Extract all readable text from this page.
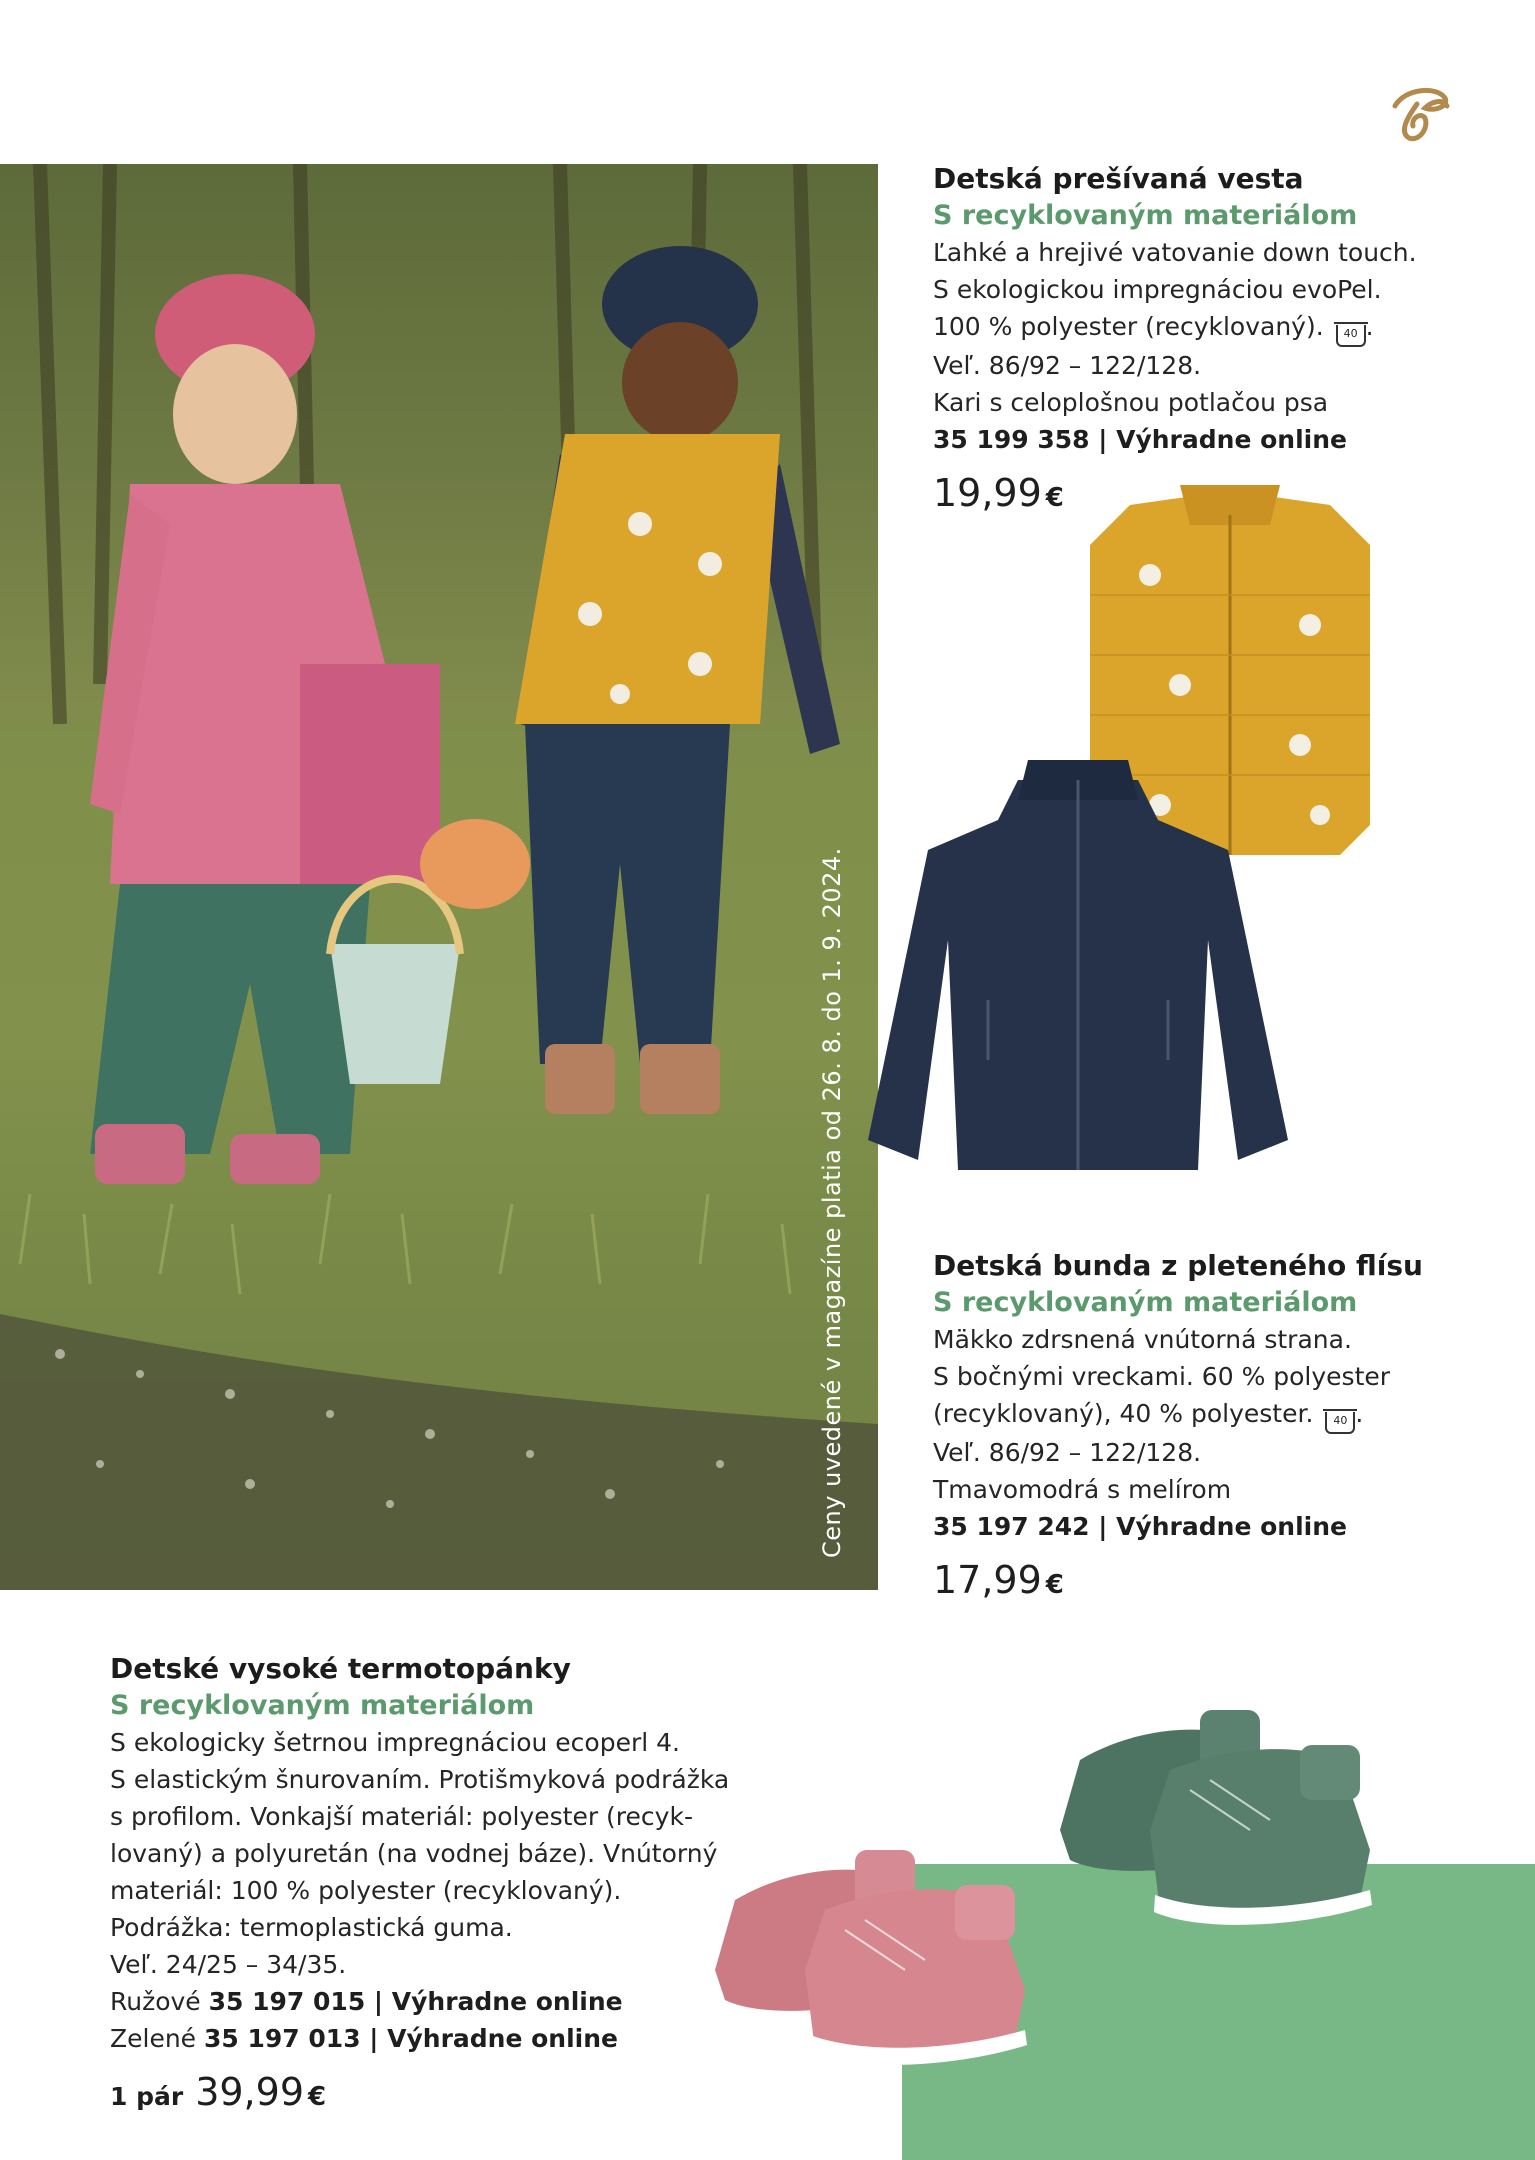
Ceny uvedené v magazíne platia od 26. 8. do 1. 9. 2024.
Detská prešívaná vesta
S recyklovaným materiálom
Ľahké a hrejivé vatovanie down touch.
S ekologickou impregnáciou evoPel.
100 % polyester (recyklovaný). 40 .
Veľ. 86/92 – 122/128.
Kari s celoplošnou potlačou psa
35 199 358 | Výhradne online
19,99 €
Detská bunda z pleteného flísu
S recyklovaným materiálom
Mäkko zdrsnená vnútorná strana.
S bočnými vreckami. 60 % polyester
(recyklovaný), 40 % polyester. 40 .
Veľ. 86/92 – 122/128.
Tmavomodrá s melírom
35 197 242 | Výhradne online
17,99 €
Detské vysoké termotopánky
S recyklovaným materiálom
S ekologicky šetrnou impregnáciou ecoperl 4.
S elastickým šnurovaním. Protišmyková podrážka
s profilom. Vonkajší materiál: polyester (recyk-
lovaný) a polyuretán (na vodnej báze). Vnútorný
materiál: 100 % polyester (recyklovaný).
Podrážka: termoplastická guma.
Veľ. 24/25 – 34/35.
Ružové 35 197 015 | Výhradne online
Zelené 35 197 013 | Výhradne online
1 pár 39,99 €
